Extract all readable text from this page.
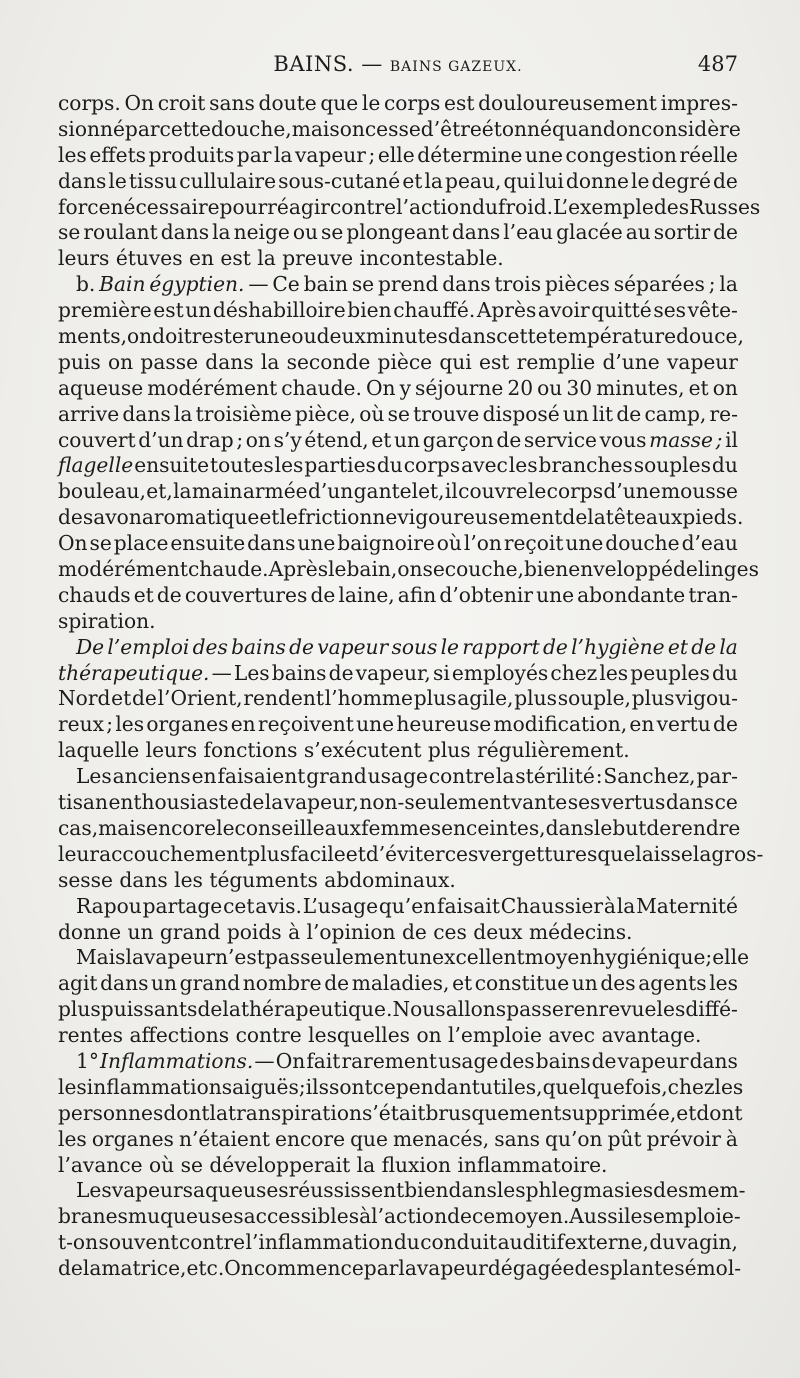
BAINS. — BAINS GAZEUX.	487
corps. On croit sans doute que le corps est douloureusement impres-
sionné par cette douche, mais on cesse d’être étonné quand on considère
les effets produits par la vapeur ; elle détermine une congestion réelle
dans le tissu cullulaire sous-cutané et la peau, qui lui donne le degré de
force nécessaire pour réagir contre l’action du froid. L’exemple des Russes
se roulant dans la neige ou se plongeant dans l’eau glacée au sortir de
leurs étuves en est la preuve incontestable.
b. Bain égyptien. — Ce bain se prend dans trois pièces séparées ; la
première est un déshabilloire bien chauffé. Après avoir quitté ses vête-
ments, on doit rester une ou deux minutes dans cette température douce,
puis on passe dans la seconde pièce qui est remplie d’une vapeur
aqueuse modérément chaude. On y séjourne 20 ou 30 minutes, et on
arrive dans la troisième pièce, où se trouve disposé un lit de camp, re-
couvert d’un drap ; on s’y étend, et un garçon de service vous masse ; il
flagelle ensuite toutes les parties du corps avec les branches souples du
bouleau, et, la main armée d’un gantelet, il couvre le corps d’une mousse
de savon aromatique et le frictionne vigoureusement de la tête aux pieds.
On se place ensuite dans une baignoire où l’on reçoit une douche d’eau
modérément chaude. Après le bain, on se couche, bien enveloppé de linges
chauds et de couvertures de laine, afin d’obtenir une abondante tran-
spiration.
De l’emploi des bains de vapeur sous le rapport de l’hygiène et de la
thérapeutique. — Les bains de vapeur, si employés chez les peuples du
Nord et de l’Orient, rendent l’homme plus agile, plus souple, plus vigou-
reux ; les organes en reçoivent une heureuse modification, en vertu de
laquelle leurs fonctions s’exécutent plus régulièrement.
Les anciens en faisaient grand usage contre la stérilité : Sanchez, par-
tisan enthousiaste de la vapeur, non-seulement vante ses vertus dans ce
cas, mais encore le conseille aux femmes enceintes, dans le but de rendre
leur accouchement plus facile et d’éviter ces vergettures que laisse la gros-
sesse dans les téguments abdominaux.
Rapou partage cet avis. L’usage qu’en faisait Chaussier à la Maternité
donne un grand poids à l’opinion de ces deux médecins.
Mais la vapeur n’est pas seulement un excellent moyen hygiénique ; elle
agit dans un grand nombre de maladies, et constitue un des agents les
plus puissants de la thérapeutique. Nous allons passer en revue les diffé-
rentes affections contre lesquelles on l’emploie avec avantage.
1° Inflammations. — On fait rarement usage des bains de vapeur dans
les inflammations aiguës ; ils sont cependant utiles, quelquefois, chez les
personnes dont la transpiration s’était brusquement supprimée, et dont
les organes n’étaient encore que menacés, sans qu’on pût prévoir à
l’avance où se développerait la fluxion inflammatoire.
Les vapeurs aqueuses réussissent bien dans les phlegmasies des mem-
branes muqueuses accessibles à l’action de ce moyen. Aussi les emploie-
t-on souvent contre l’inflammation du conduit auditif externe, du vagin,
de la matrice, etc. On commence par la vapeur dégagée des plantes émol-
